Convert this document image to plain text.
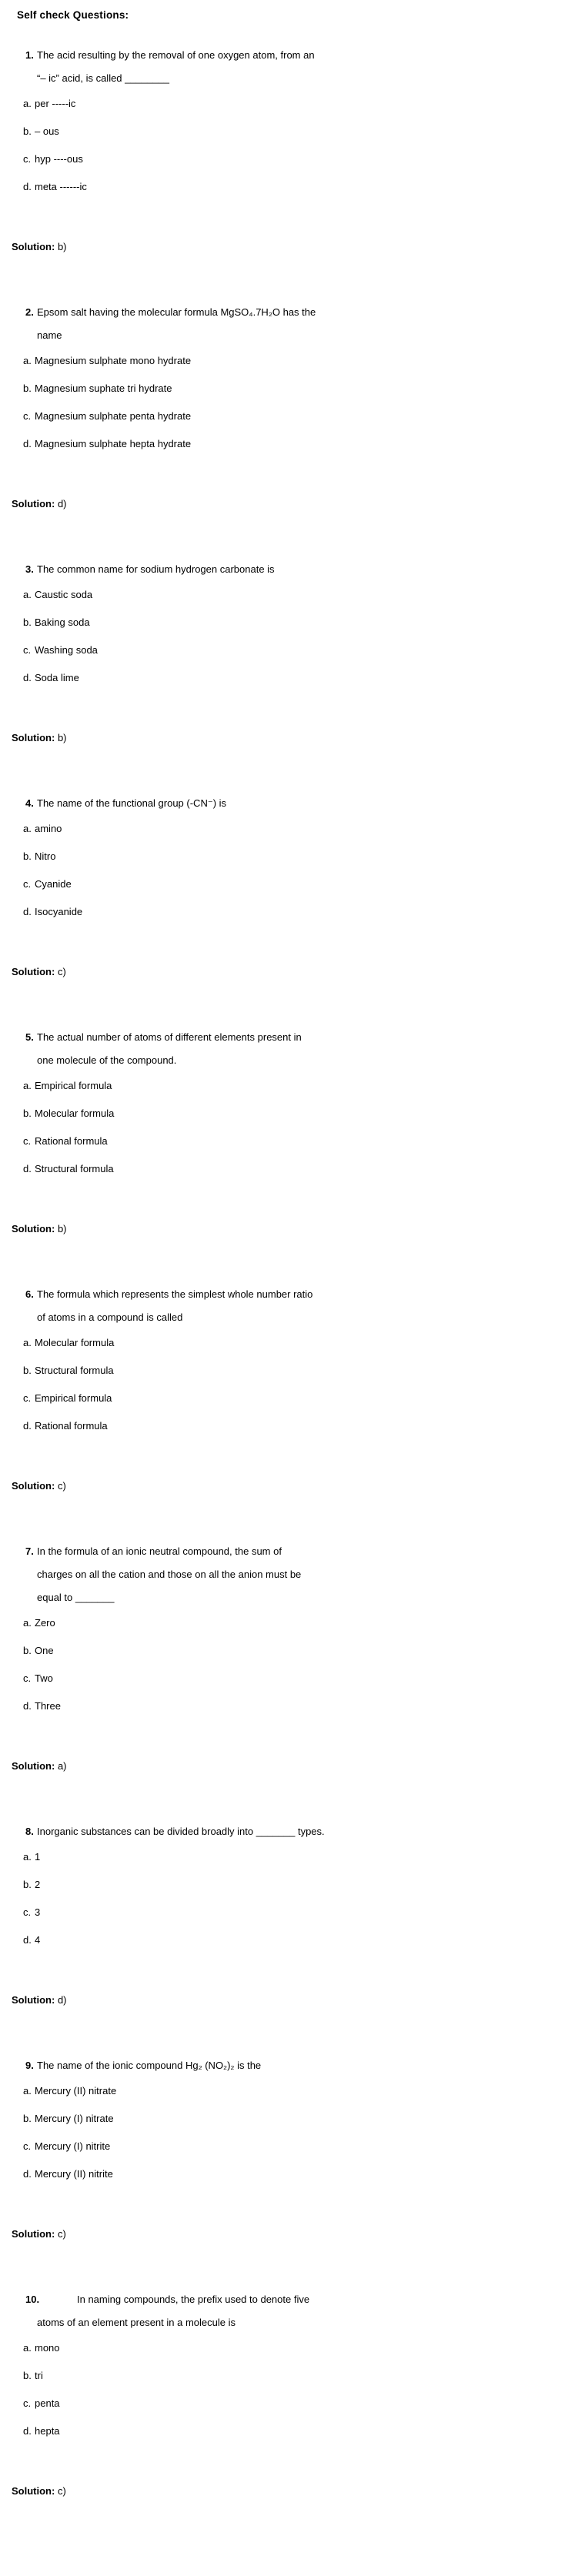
Self check Questions:
1. The acid resulting by the removal of one oxygen atom, from an
“– ic” acid, is called ________
a. per -----ic
b. – ous
c. hyp ----ous
d. meta ------ic
Solution: b)
2. Epsom salt having the molecular formula MgSO₄.7H₂O has the
name
a. Magnesium sulphate mono hydrate
b. Magnesium suphate tri hydrate
c. Magnesium sulphate penta hydrate
d. Magnesium sulphate hepta hydrate
Solution: d)
3. The common name for sodium hydrogen carbonate is
a. Caustic soda
b. Baking soda
c. Washing soda
d. Soda lime
Solution: b)
4. The name of the functional group (-CN⁻) is
a. amino
b. Nitro
c. Cyanide
d. Isocyanide
Solution: c)
5. The actual number of atoms of different elements present in
one molecule of the compound.
a. Empirical formula
b. Molecular formula
c. Rational formula
d. Structural formula
Solution: b)
6. The formula which represents the simplest whole number ratio
of atoms in a compound is called
a. Molecular formula
b. Structural formula
c. Empirical formula
d. Rational formula
Solution: c)
7. In the formula of an ionic neutral compound, the sum of
charges on all the cation and those on all the anion must be
equal to _______
a. Zero
b. One
c. Two
d. Three
Solution: a)
8. Inorganic substances can be divided broadly into _______ types.
a. 1
b. 2
c. 3
d. 4
Solution: d)
9. The name of the ionic compound Hg₂ (NO₂)₂ is the
a. Mercury (II) nitrate
b. Mercury (I) nitrate
c. Mercury (I) nitrite
d. Mercury (II) nitrite
Solution: c)
10.	In naming compounds, the prefix used to denote five
atoms of an element present in a molecule is
a. mono
b. tri
c. penta
d. hepta
Solution: c)
